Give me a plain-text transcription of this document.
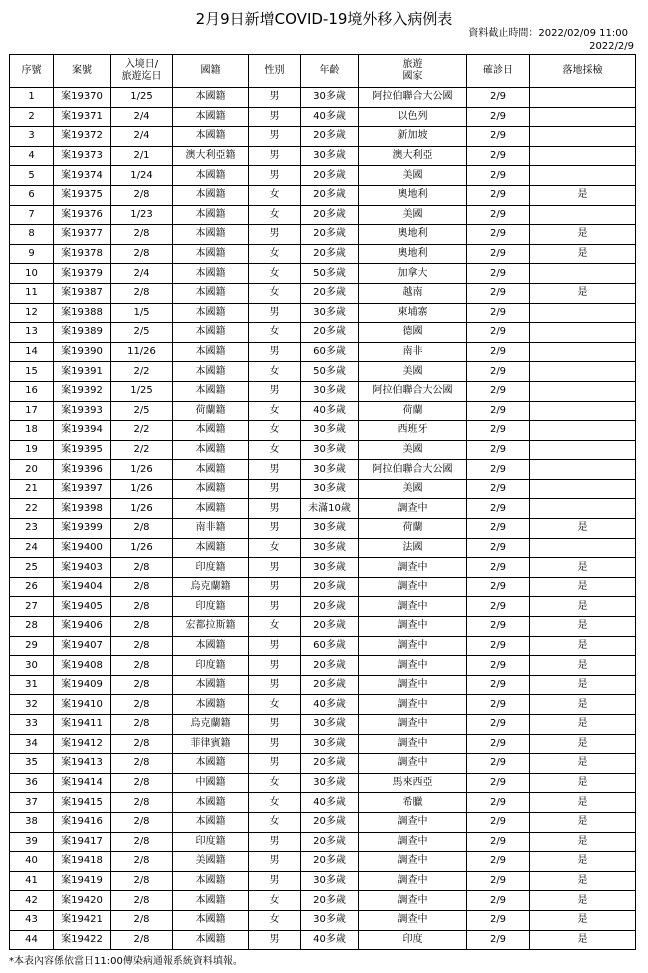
2月9日新增COVID-19境外移入病例表
資料截止時間：2022/02/09 11:00
2022/2/9
序號	案號	入境日/
旅遊迄日	國籍	性別	年齡	旅遊
國家	確診日	落地採檢

1	案19370	1/25	本國籍	男	30多歲	阿拉伯聯合大公國	2/9	
2	案19371	2/4	本國籍	男	40多歲	以色列	2/9	
3	案19372	2/4	本國籍	男	20多歲	新加坡	2/9	
4	案19373	2/1	澳大利亞籍	男	30多歲	澳大利亞	2/9	
5	案19374	1/24	本國籍	男	20多歲	美國	2/9	
6	案19375	2/8	本國籍	女	20多歲	奧地利	2/9	是
7	案19376	1/23	本國籍	女	20多歲	美國	2/9	
8	案19377	2/8	本國籍	男	20多歲	奧地利	2/9	是
9	案19378	2/8	本國籍	女	20多歲	奧地利	2/9	是
10	案19379	2/4	本國籍	女	50多歲	加拿大	2/9	
11	案19387	2/8	本國籍	女	20多歲	越南	2/9	是
12	案19388	1/5	本國籍	男	30多歲	柬埔寨	2/9	
13	案19389	2/5	本國籍	女	20多歲	德國	2/9	
14	案19390	11/26	本國籍	男	60多歲	南非	2/9	
15	案19391	2/2	本國籍	女	50多歲	美國	2/9	
16	案19392	1/25	本國籍	男	30多歲	阿拉伯聯合大公國	2/9	
17	案19393	2/5	荷蘭籍	女	40多歲	荷蘭	2/9	
18	案19394	2/2	本國籍	女	30多歲	西班牙	2/9	
19	案19395	2/2	本國籍	女	30多歲	美國	2/9	
20	案19396	1/26	本國籍	男	30多歲	阿拉伯聯合大公國	2/9	
21	案19397	1/26	本國籍	男	30多歲	美國	2/9	
22	案19398	1/26	本國籍	男	未滿10歲	調查中	2/9	
23	案19399	2/8	南非籍	男	30多歲	荷蘭	2/9	是
24	案19400	1/26	本國籍	女	30多歲	法國	2/9	
25	案19403	2/8	印度籍	男	30多歲	調查中	2/9	是
26	案19404	2/8	烏克蘭籍	男	20多歲	調查中	2/9	是
27	案19405	2/8	印度籍	男	20多歲	調查中	2/9	是
28	案19406	2/8	宏都拉斯籍	女	20多歲	調查中	2/9	是
29	案19407	2/8	本國籍	男	60多歲	調查中	2/9	是
30	案19408	2/8	印度籍	男	20多歲	調查中	2/9	是
31	案19409	2/8	本國籍	男	20多歲	調查中	2/9	是
32	案19410	2/8	本國籍	女	40多歲	調查中	2/9	是
33	案19411	2/8	烏克蘭籍	男	30多歲	調查中	2/9	是
34	案19412	2/8	菲律賓籍	男	30多歲	調查中	2/9	是
35	案19413	2/8	本國籍	男	20多歲	調查中	2/9	是
36	案19414	2/8	中國籍	女	30多歲	馬來西亞	2/9	是
37	案19415	2/8	本國籍	女	40多歲	希臘	2/9	是
38	案19416	2/8	本國籍	女	20多歲	調查中	2/9	是
39	案19417	2/8	印度籍	男	20多歲	調查中	2/9	是
40	案19418	2/8	美國籍	男	20多歲	調查中	2/9	是
41	案19419	2/8	本國籍	男	30多歲	調查中	2/9	是
42	案19420	2/8	本國籍	女	20多歲	調查中	2/9	是
43	案19421	2/8	本國籍	女	30多歲	調查中	2/9	是
44	案19422	2/8	本國籍	男	40多歲	印度	2/9	是
*本表內容係依當日11:00傳染病通報系統資料填報。
